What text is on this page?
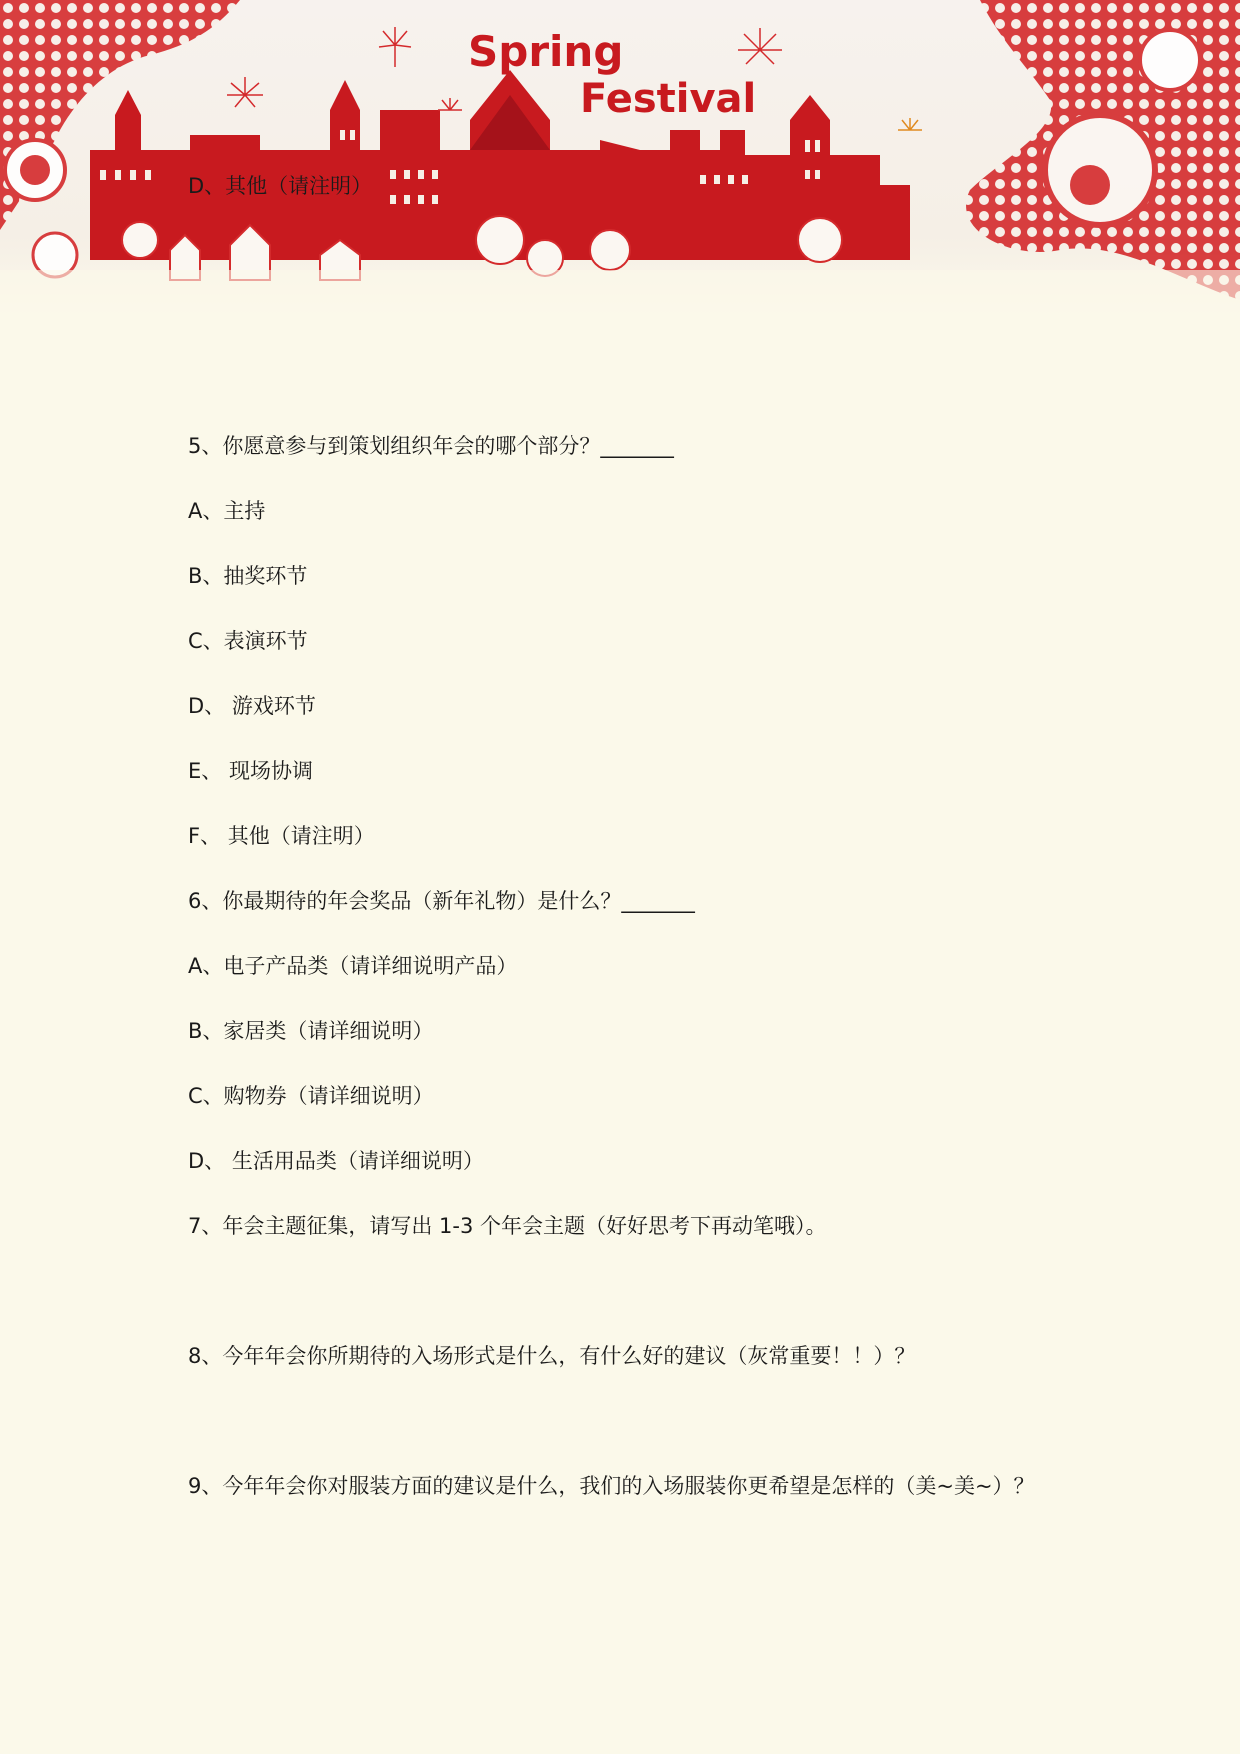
Spring
Festival
D、其他（请注明）
5、你愿意参与到策划组织年会的哪个部分？_______
A、主持
B、抽奖环节
C、表演环节
D、 游戏环节
E、 现场协调
F、 其他（请注明）
6、你最期待的年会奖品（新年礼物）是什么？_______
A、电子产品类（请详细说明产品）
B、家居类（请详细说明）
C、购物券（请详细说明）
D、 生活用品类（请详细说明）
7、年会主题征集，请写出 1-3 个年会主题（好好思考下再动笔哦）。
8、今年年会你所期待的入场形式是什么，有什么好的建议（灰常重要！！）？
9、今年年会你对服装方面的建议是什么，我们的入场服装你更希望是怎样的（美~美~）？
